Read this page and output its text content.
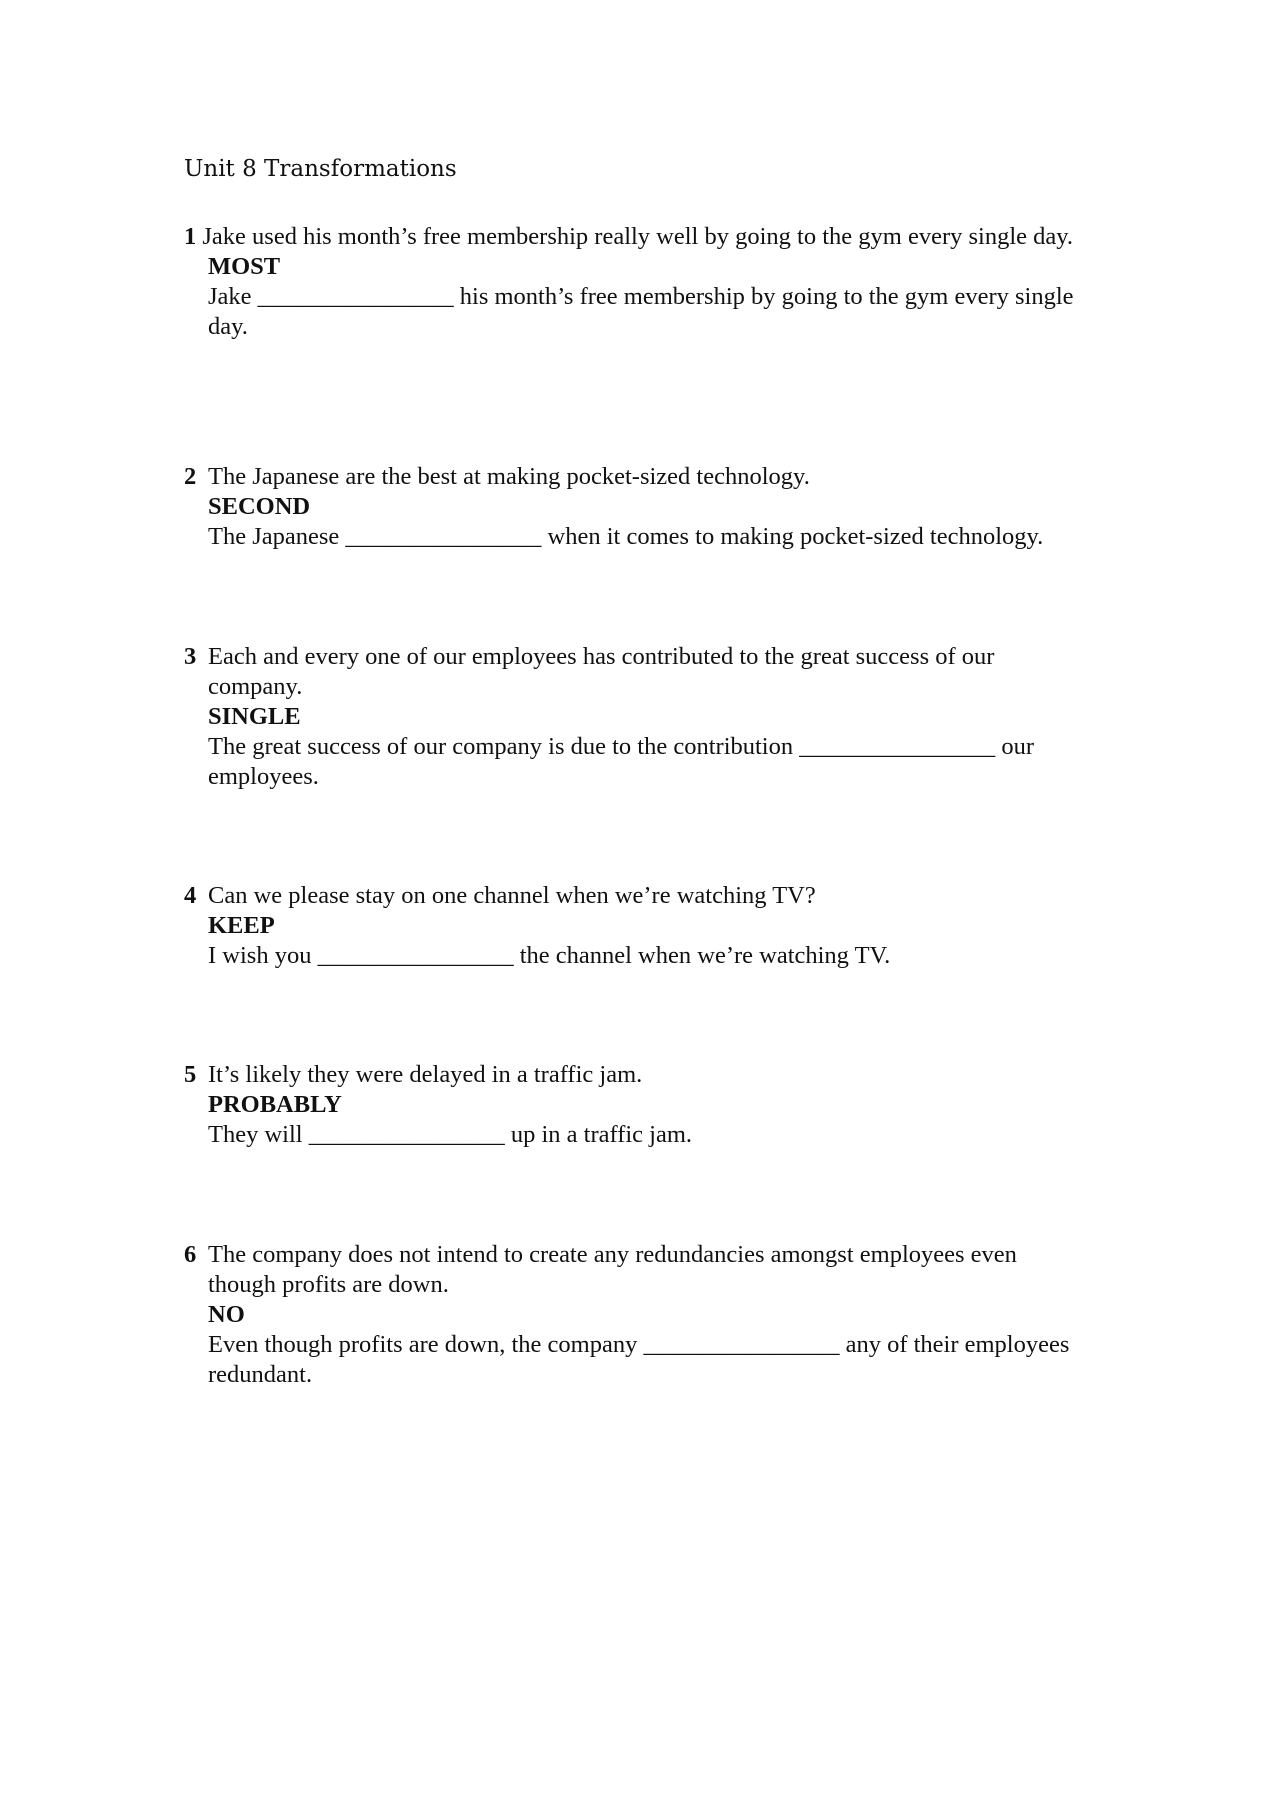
Unit 8 Transformations

1 Jake used his month’s free membership really well by going to the gym every single day.

MOST
Jake ________________ his month’s free membership by going to the gym every single day.

2 The Japanese are the best at making pocket-sized technology.

SECOND
The Japanese ________________ when it comes to making pocket-sized technology.

3 Each and every one of our employees has contributed to the great success of our company.

SINGLE
The great success of our company is due to the contribution ________________ our employees.

4 Can we please stay on one channel when we’re watching TV?

KEEP
I wish you ________________ the channel when we’re watching TV.

5 It’s likely they were delayed in a traffic jam.

PROBABLY
They will ________________ up in a traffic jam.

6 The company does not intend to create any redundancies amongst employees even though profits are down.

NO
Even though profits are down, the company ________________ any of their employees redundant.
